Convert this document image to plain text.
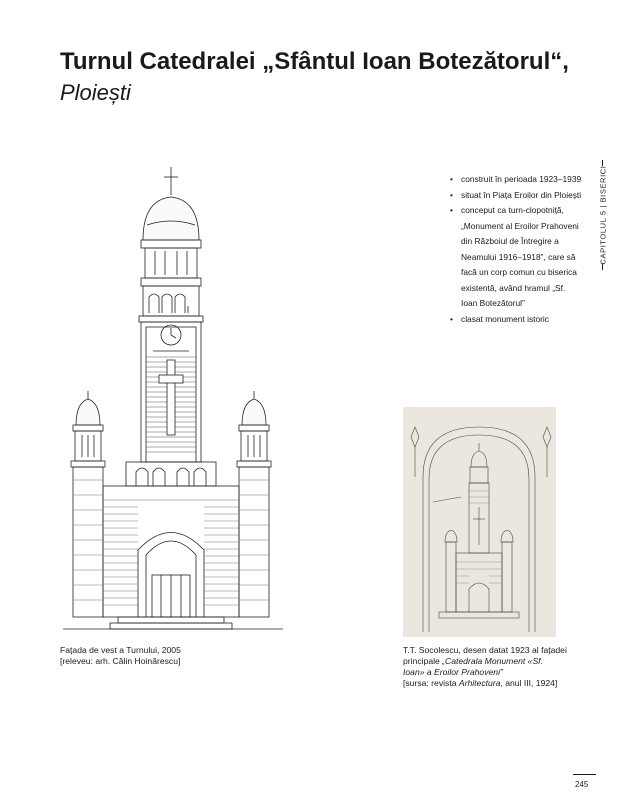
Turnul Catedralei „Sfântul Ioan Botezătorul“,
Ploiești
CAPITOLUL 5 | BISERICI
• construit în perioada 1923–1939
• situat în Piața Eroilor din Ploiești
• conceput ca turn-clopotniță, „Monument al Eroilor Prahoveni din Războiul de Întregire a Neamului 1916–1918”, care să facă un corp comun cu biserica existentă, având hramul „Sf. Ioan Botezătorul”
• clasat monument istoric
Fațada de vest a Turnului, 2005
[releveu: arh. Călin Hoinărescu]
T.T. Socolescu, desen datat 1923 al fațadei
principale „Catedrala Monument «Sf.
Ioan» a Eroilor Prahoveni”
[sursa: revista Arhitectura, anul III, 1924]
245
